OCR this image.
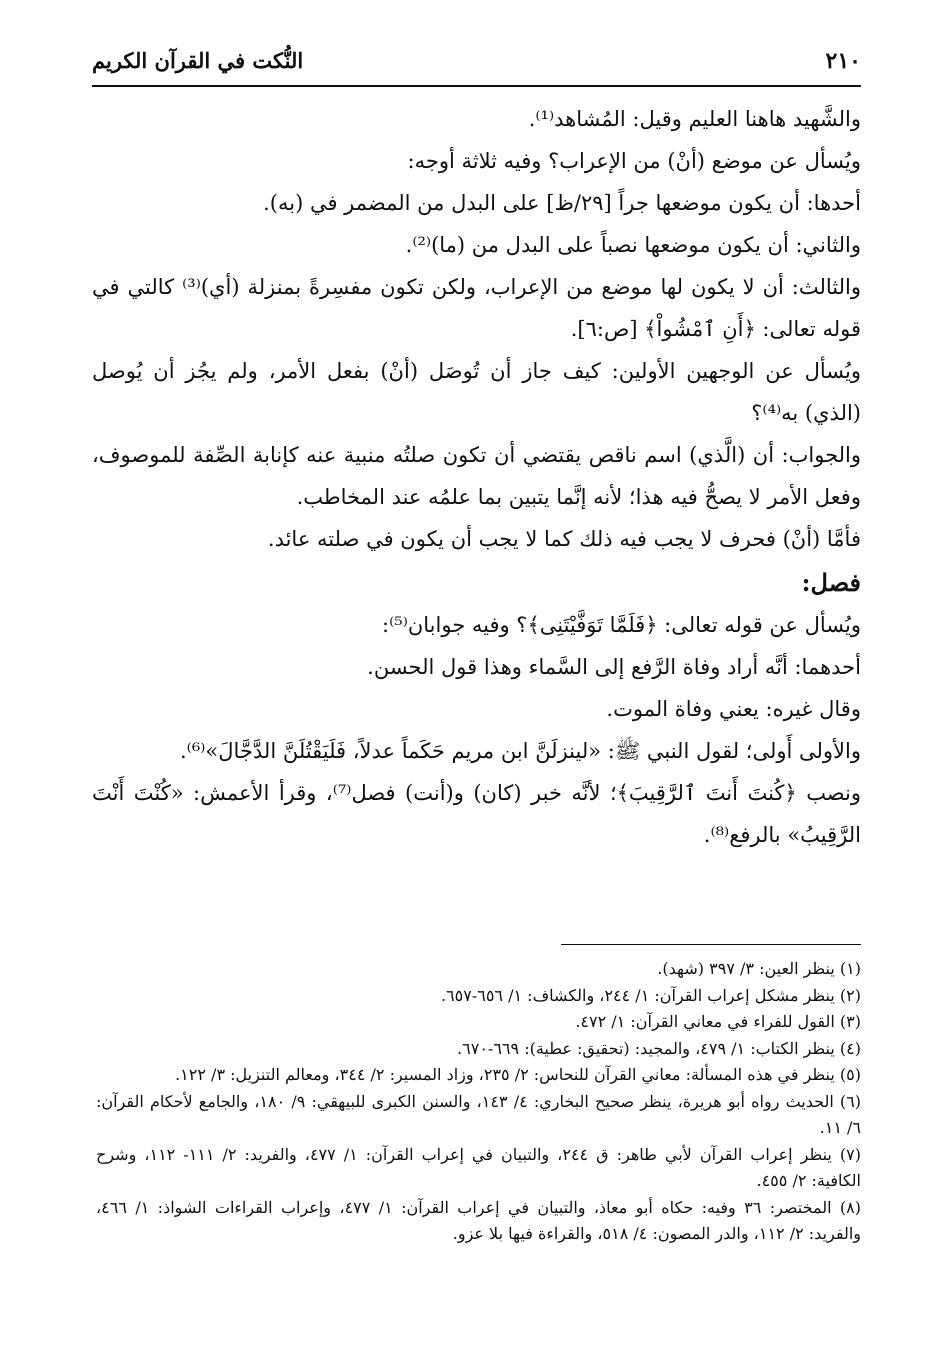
٢١٠
النُّكت في القرآن الكريم

والشَّهيد هاهنا العليم وقيل: المُشاهد⁽¹⁾.

ويُسأل عن موضع (أنْ) من الإعراب؟ وفيه ثلاثة أوجه:

أحدها: أن يكون موضعها جراً [٢٩/ظ] على البدل من المضمر في (به).

والثاني: أن يكون موضعها نصباً على البدل من (ما)⁽²⁾.

والثالث: أن لا يكون لها موضع من الإعراب، ولكن تكون مفسِرةً بمنزلة (أي)⁽³⁾ كالتي في قوله تعالى: ﴿أَنِ ٱمْشُواْ﴾ [ص:٦].

ويُسأل عن الوجهين الأولين: كيف جاز أن تُوصَل (أنْ) بفعل الأمر، ولم يجُز أن يُوصل (الذي) به⁽⁴⁾؟

والجواب: أن (الَّذي) اسم ناقص يقتضي أن تكون صلتُه منبية عنه كإنابة الصِّفة للموصوف، وفعل الأمر لا يصحُّ فيه هذا؛ لأنه إنَّما يتبين بما علمُه عند المخاطب.

فأمَّا (أنْ) فحرف لا يجب فيه ذلك كما لا يجب أن يكون في صلته عائد.

فصل:

ويُسأل عن قوله تعالى: ﴿فَلَمَّا تَوَفَّيْتَنِى﴾؟ وفيه جوابان⁽⁵⁾:

أحدهما: أنَّه أراد وفاة الرَّفع إلى السَّماء وهذا قول الحسن.

وقال غيره: يعني وفاة الموت.

والأولى أَولى؛ لقول النبي ﷺ: «لينزلَنَّ ابن مريم حَكَماً عدلاً، فَلَيَقْتُلَنَّ الدَّجَّالَ»⁽⁶⁾.

ونصب ﴿كُنتَ أَنتَ ٱلرَّقِيبَ﴾؛ لأنَّه خبر (كان) و(أنت) فصل⁽⁷⁾، وقرأ الأعمش: «كُنْتَ أَنْتَ الرَّقِيبُ» بالرفع⁽⁸⁾.

(١) ينظر العين: ٣/ ٣٩٧ (شهد).

(٢) ينظر مشكل إعراب القرآن: ١/ ٢٤٤، والكشاف: ١/ ٦٥٦-٦٥٧.

(٣) القول للفراء في معاني القرآن: ١/ ٤٧٢.

(٤) ينظر الكتاب: ١/ ٤٧٩، والمجيد: (تحقيق: عطية): ٦٦٩-٦٧٠.

(٥) ينظر في هذه المسألة: معاني القرآن للنحاس: ٢/ ٢٣٥، وزاد المسير: ٢/ ٣٤٤، ومعالم التنزيل: ٣/ ١٢٢.

(٦) الحديث رواه أبو هريرة، ينظر صحيح البخاري: ٤/ ١٤٣، والسنن الكبرى للبيهقي: ٩/ ١٨٠، والجامع لأحكام القرآن: ٦/ ١١.

(٧) ينظر إعراب القرآن لأبي طاهر: ق ٢٤٤، والتبيان في إعراب القرآن: ١/ ٤٧٧، والفريد: ٢/ ١١١- ١١٢، وشرح الكافية: ٢/ ٤٥٥.

(٨) المختصر: ٣٦ وفيه: حكاه أبو معاذ، والتبيان في إعراب القرآن: ١/ ٤٧٧، وإعراب القراءات الشواذ: ١/ ٤٦٦، والفريد: ٢/ ١١٢، والدر المصون: ٤/ ٥١٨، والقراءة فيها بلا عزو.
